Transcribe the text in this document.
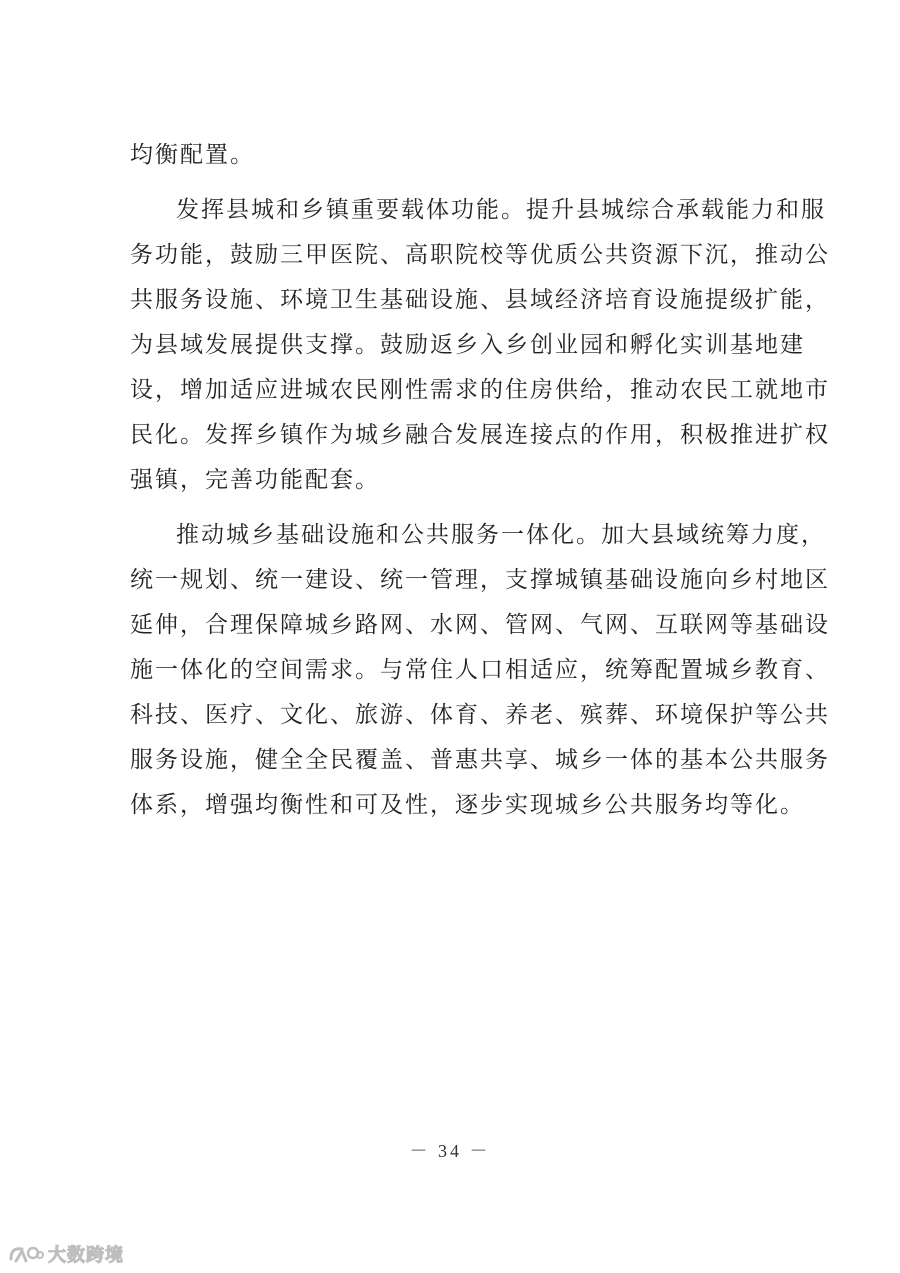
均衡配置。
发挥县城和乡镇重要载体功能。提升县城综合承载能力和服
务功能，鼓励三甲医院、高职院校等优质公共资源下沉，推动公
共服务设施、环境卫生基础设施、县域经济培育设施提级扩能，
为县域发展提供支撑。鼓励返乡入乡创业园和孵化实训基地建
设，增加适应进城农民刚性需求的住房供给，推动农民工就地市
民化。发挥乡镇作为城乡融合发展连接点的作用，积极推进扩权
强镇，完善功能配套。
推动城乡基础设施和公共服务一体化。加大县域统筹力度，
统一规划、统一建设、统一管理，支撑城镇基础设施向乡村地区
延伸，合理保障城乡路网、水网、管网、气网、互联网等基础设
施一体化的空间需求。与常住人口相适应，统筹配置城乡教育、
科技、医疗、文化、旅游、体育、养老、殡葬、环境保护等公共
服务设施，健全全民覆盖、普惠共享、城乡一体的基本公共服务
体系，增强均衡性和可及性，逐步实现城乡公共服务均等化。
－ 34 －
大数跨境
